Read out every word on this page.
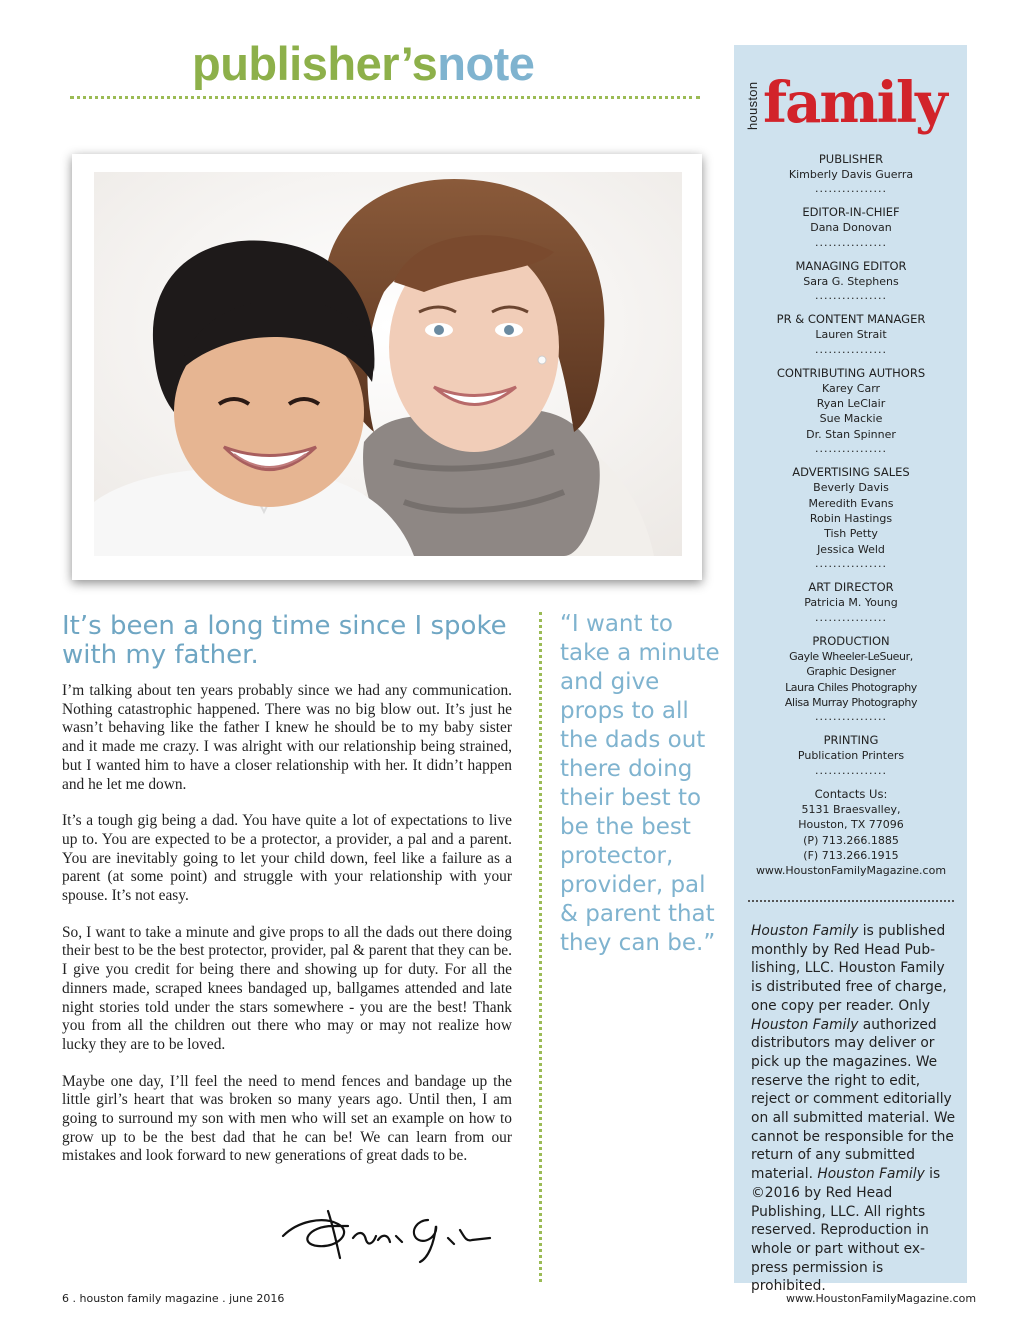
publisher’snote
It’s been a long time since I spoke with my father.

I’m talking about ten years probably since we had any communication. Nothing catastrophic happened. There was no big blow out. It’s just he wasn’t behaving like the father I knew he should be to my baby sister and it made me crazy. I was alright with our relationship being strained, but I wanted him to have a closer relationship with her. It didn’t happen and he let me down.

It’s a tough gig being a dad. You have quite a lot of expectations to live up to. You are expected to be a protector, a provider, a pal and a parent. You are inevitably going to let your child down, feel like a failure as a parent (at some point) and struggle with your relationship with your spouse. It’s not easy.

So, I want to take a minute and give props to all the dads out there doing their best to be the best protector, provider, pal & parent that they can be. I give you credit for being there and showing up for duty. For all the dinners made, scraped knees bandaged up, ballgames attended and late night stories told under the stars somewhere - you are the best! Thank you from all the children out there who may or may not realize how lucky they are to be loved.

Maybe one day, I’ll feel the need to mend fences and bandage up the little girl’s heart that was broken so many years ago. Until then, I am going to surround my son with men who will set an example on how to grow up to be the best dad that he can be! We can learn from our mistakes and look forward to new generations of great dads to be.

“I want to take a minute and give props to all the dads out there doing their best to be the best protector, provider, pal & parent that they can be.”
houston family
PUBLISHER
Kimberly Davis Guerra
................
EDITOR-IN-CHIEF
Dana Donovan
................
MANAGING EDITOR
Sara G. Stephens
................
PR & CONTENT MANAGER
Lauren Strait
................
CONTRIBUTING AUTHORS
Karey Carr
Ryan LeClair
Sue Mackie
Dr. Stan Spinner
................
ADVERTISING SALES
Beverly Davis
Meredith Evans
Robin Hastings
Tish Petty
Jessica Weld
................
ART DIRECTOR
Patricia M. Young
................
PRODUCTION
Gayle Wheeler-LeSueur,
Graphic Designer
Laura Chiles Photography
Alisa Murray Photography
................
PRINTING
Publication Printers
................
Contacts Us:
5131 Braesvalley,
Houston, TX 77096
(P) 713.266.1885
(F) 713.266.1915
www.HoustonFamilyMagazine.com
Houston Family is published monthly by Red Head Pub-lishing, LLC. Houston Family is distributed free of charge, one copy per reader. Only Houston Family authorized distributors may deliver or pick up the magazines. We reserve the right to edit, reject or comment editorially on all submitted material. We cannot be responsible for the return of any submitted material. Houston Family is ©2016 by Red Head Publishing, LLC. All rights reserved. Reproduction in whole or part without ex-press permission is prohibited.
6 . houston family magazine . june 2016	www.HoustonFamilyMagazine.com
